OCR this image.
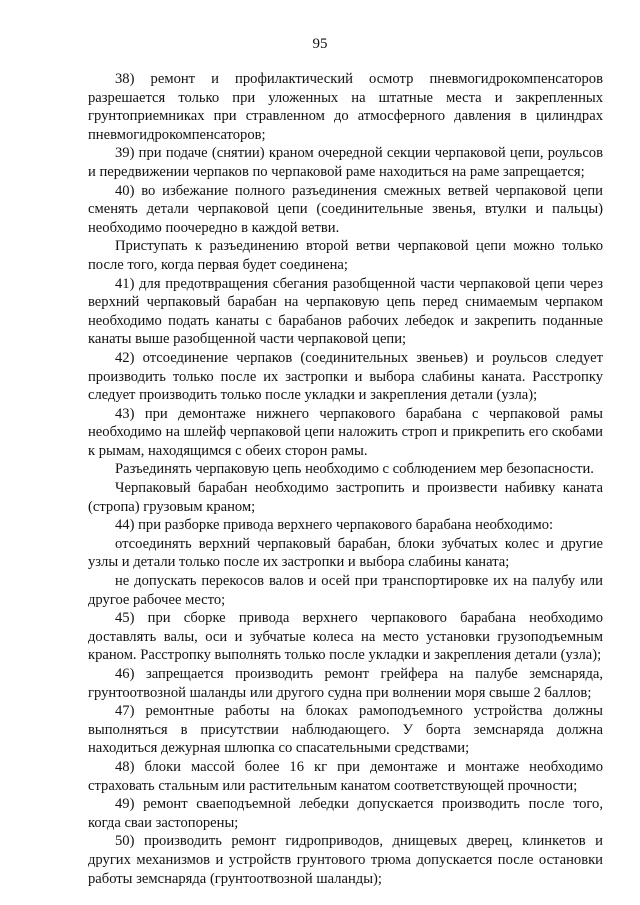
95

38) ремонт и профилактический осмотр пневмогидрокомпенсаторов разрешается только при уложенных на штатные места и закрепленных грунтоприемниках при стравленном до атмосферного давления в цилиндрах пневмогидрокомпенсаторов;

39) при подаче (снятии) краном очередной секции черпаковой цепи, роульсов и передвижении черпаков по черпаковой раме находиться на раме запрещается;

40) во избежание полного разъединения смежных ветвей черпаковой цепи сменять детали черпаковой цепи (соединительные звенья, втулки и пальцы) необходимо поочередно в каждой ветви.

Приступать к разъединению второй ветви черпаковой цепи можно только после того, когда первая будет соединена;

41) для предотвращения сбегания разобщенной части черпаковой цепи через верхний черпаковый барабан на черпаковую цепь перед снимаемым черпаком необходимо подать канаты с барабанов рабочих лебедок и закрепить поданные канаты выше разобщенной части черпаковой цепи;

42) отсоединение черпаков (соединительных звеньев) и роульсов следует производить только после их застропки и выбора слабины каната. Расстропку следует производить только после укладки и закрепления детали (узла);

43) при демонтаже нижнего черпакового барабана с черпаковой рамы необходимо на шлейф черпаковой цепи наложить строп и прикрепить его скобами к рымам, находящимся с обеих сторон рамы.

Разъединять черпаковую цепь необходимо с соблюдением мер безопасности.

Черпаковый барабан необходимо застропить и произвести набивку каната (стропа) грузовым краном;

44) при разборке привода верхнего черпакового барабана необходимо:

отсоединять верхний черпаковый барабан, блоки зубчатых колес и другие узлы и детали только после их застропки и выбора слабины каната;

не допускать перекосов валов и осей при транспортировке их на палубу или другое рабочее место;

45) при сборке привода верхнего черпакового барабана необходимо доставлять валы, оси и зубчатые колеса на место установки грузоподъемным краном. Расстропку выполнять только после укладки и закрепления детали (узла);

46) запрещается производить ремонт грейфера на палубе земснаряда, грунтоотвозной шаланды или другого судна при волнении моря свыше 2 баллов;

47) ремонтные работы на блоках рамоподъемного устройства должны выполняться в присутствии наблюдающего. У борта земснаряда должна находиться дежурная шлюпка со спасательными средствами;

48) блоки массой более 16 кг при демонтаже и монтаже необходимо страховать стальным или растительным канатом соответствующей прочности;

49) ремонт сваеподъемной лебедки допускается производить после того, когда сваи застопорены;

50) производить ремонт гидроприводов, днищевых дверец, клинкетов и других механизмов и устройств грунтового трюма допускается после остановки работы земснаряда (грунтоотвозной шаланды);
